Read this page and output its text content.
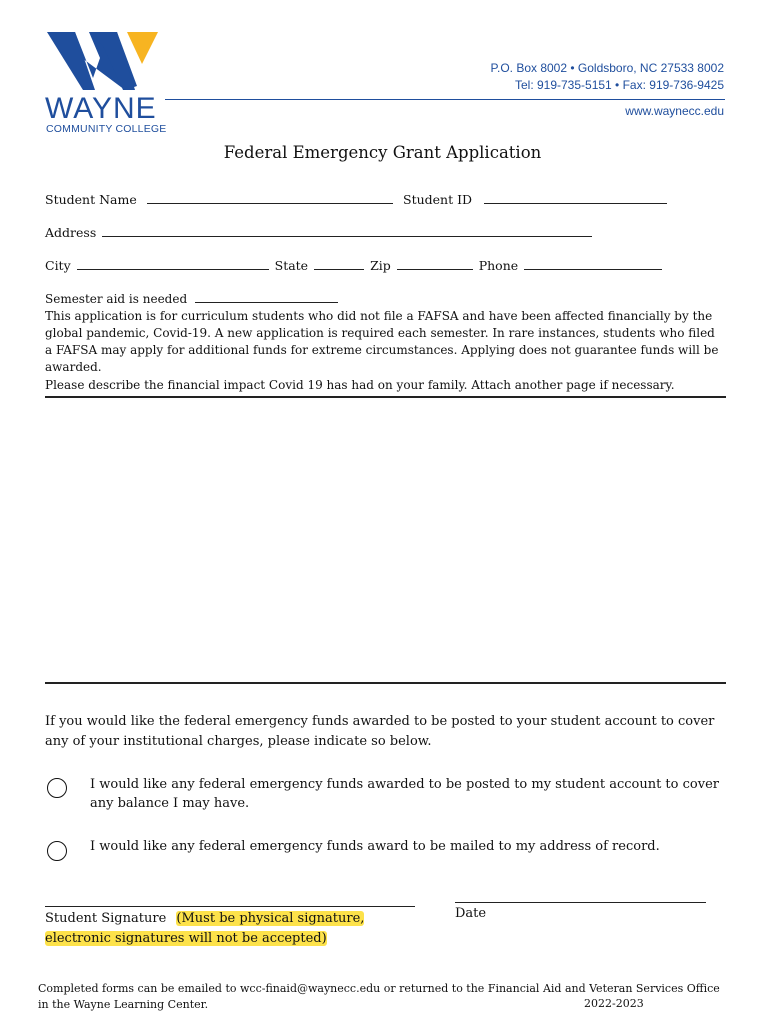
WAYNE
COMMUNITY COLLEGE
P.O. Box 8002 • Goldsboro, NC 27533 8002
Tel: 919-735-5151 • Fax: 919-736-9425
www.waynecc.edu
Federal Emergency Grant Application
Student Name	Student ID
Address
City	State	Zip	Phone
Semester aid is needed
This application is for curriculum students who did not file a FAFSA and have been affected financially by the global pandemic, Covid-19. A new application is required each semester. In rare instances, students who filed a FAFSA may apply for additional funds for extreme circumstances. Applying does not guarantee funds will be awarded.
Please describe the financial impact Covid 19 has had on your family. Attach another page if necessary.
If you would like the federal emergency funds awarded to be posted to your student account to cover any of your institutional charges, please indicate so below.
I would like any federal emergency funds awarded to be posted to my student account to cover any balance I may have.
I would like any federal emergency funds award to be mailed to my address of record.
Student Signature (Must be physical signature,
electronic signatures will not be accepted)
Date
Completed forms can be emailed to wcc-finaid@waynecc.edu or returned to the Financial Aid and Veteran Services Office in the Wayne Learning Center.	2022-2023
